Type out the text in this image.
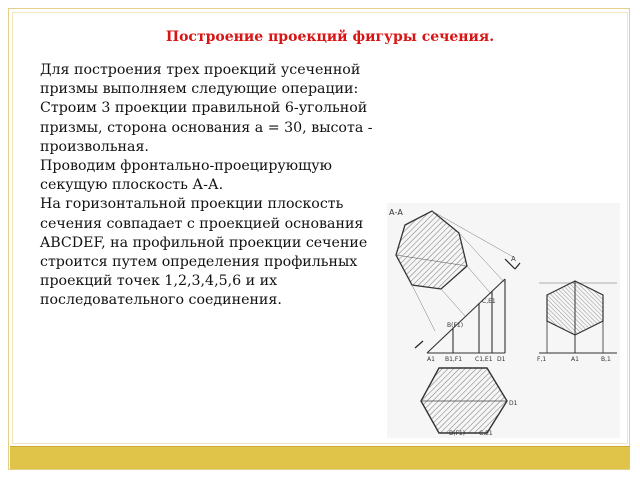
Построение проекций фигуры сечения.

Для построения трех проекций усеченной призмы выполняем следующие операции:

Строим 3 проекции правильной 6-угольной призмы, сторона основания а = 30, высота - произвольная.

Проводим фронтально-проецирующую секущую плоскость А-А.

На горизонтальной проекции плоскость сечения совпадает с проекцией основания ABCDEF, на профильной проекции сечение строится путем определения профильных проекций точек 1,2,3,4,5,6 и их последовательного соединения.

А-А
А
A1 B1,F1 C1,E1 D1
B(F1)
C,E1
F,1	A1	B,1
B(F1) C,E1
D1
